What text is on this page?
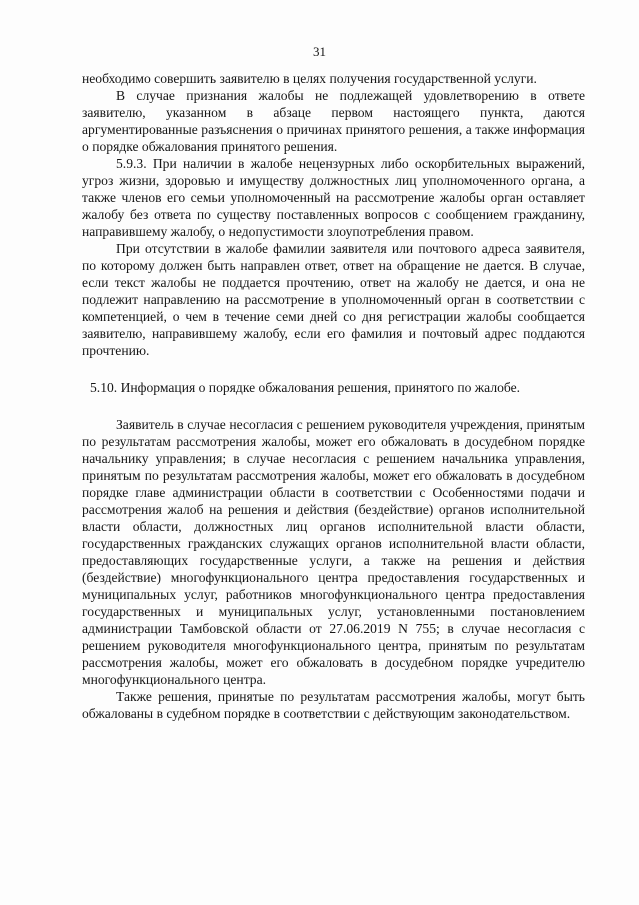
31

необходимо совершить заявителю в целях получения государственной услуги.

В случае признания жалобы не подлежащей удовлетворению в ответе заявителю, указанном в абзаце первом настоящего пункта, даются аргументированные разъяснения о причинах принятого решения, а также информация о порядке обжалования принятого решения.

5.9.3. При наличии в жалобе нецензурных либо оскорбительных выражений, угроз жизни, здоровью и имуществу должностных лиц уполномоченного органа, а также членов его семьи уполномоченный на рассмотрение жалобы орган оставляет жалобу без ответа по существу поставленных вопросов с сообщением гражданину, направившему жалобу, о недопустимости злоупотребления правом.

При отсутствии в жалобе фамилии заявителя или почтового адреса заявителя, по которому должен быть направлен ответ, ответ на обращение не дается. В случае, если текст жалобы не поддается прочтению, ответ на жалобу не дается, и она не подлежит направлению на рассмотрение в уполномоченный орган в соответствии с компетенцией, о чем в течение семи дней со дня регистрации жалобы сообщается заявителю, направившему жалобу, если его фамилия и почтовый адрес поддаются прочтению.

5.10. Информация о порядке обжалования решения, принятого по жалобе.

Заявитель в случае несогласия с решением руководителя учреждения, принятым по результатам рассмотрения жалобы, может его обжаловать в досудебном порядке начальнику управления; в случае несогласия с решением начальника управления, принятым по результатам рассмотрения жалобы, может его обжаловать в досудебном порядке главе администрации области в соответствии с Особенностями подачи и рассмотрения жалоб на решения и действия (бездействие) органов исполнительной власти области, должностных лиц органов исполнительной власти области, государственных гражданских служащих органов исполнительной власти области, предоставляющих государственные услуги, а также на решения и действия (бездействие) многофункционального центра предоставления государственных и муниципальных услуг, работников многофункционального центра предоставления государственных и муниципальных услуг, установленными постановлением администрации Тамбовской области от 27.06.2019 N 755; в случае несогласия с решением руководителя многофункционального центра, принятым по результатам рассмотрения жалобы, может его обжаловать в досудебном порядке учредителю многофункционального центра.

Также решения, принятые по результатам рассмотрения жалобы, могут быть обжалованы в судебном порядке в соответствии с действующим законодательством.
